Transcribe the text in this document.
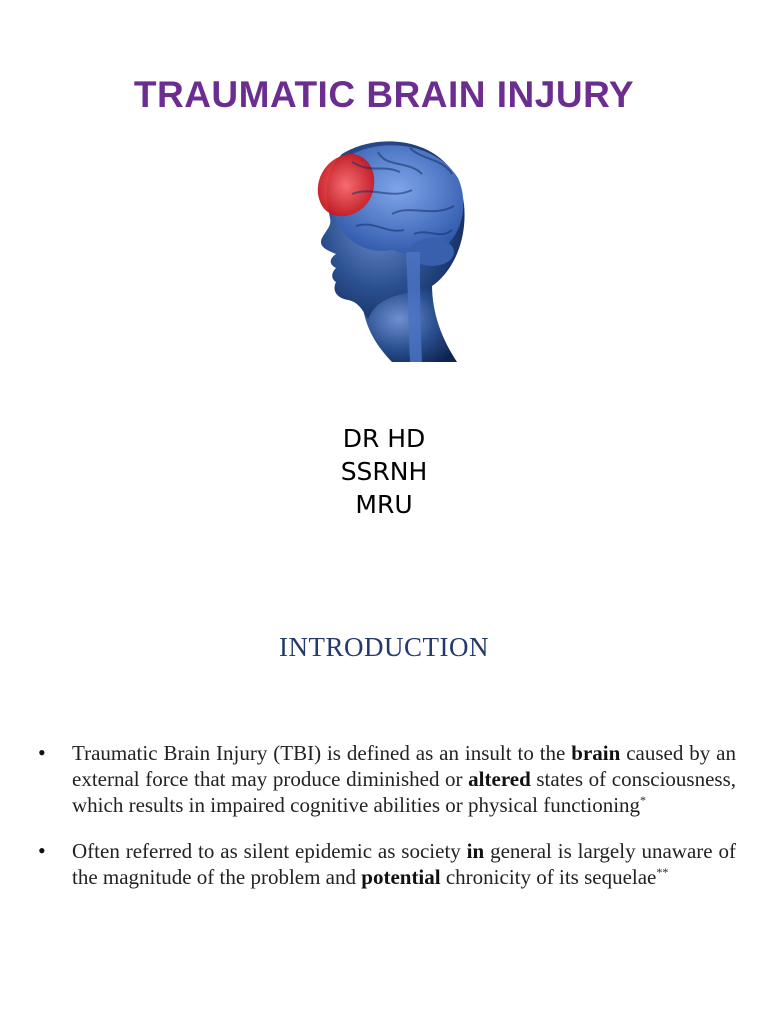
TRAUMATIC BRAIN INJURY
DR HD
SSRNH
MRU
INTRODUCTION
• Traumatic Brain Injury (TBI) is defined as an insult to the brain caused by an external force that may produce diminished or altered states of consciousness, which results in impaired cognitive abilities or physical functioning*
• Often referred to as silent epidemic as society in general is largely unaware of the magnitude of the problem and potential chronicity of its sequelae**
